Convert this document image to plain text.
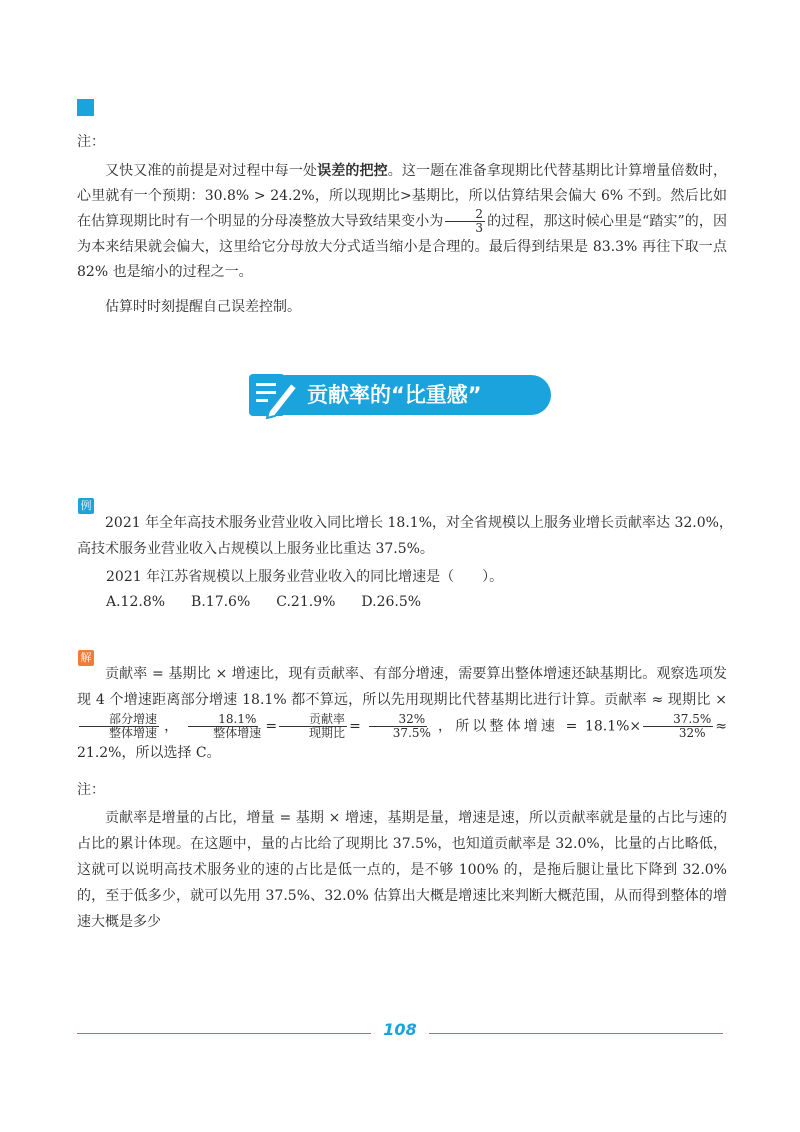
注：

又快又准的前提是对过程中每一处误差的把控。这一题在准备拿现期比代替基期比计算增量倍数时，心里就有一个预期：30.8% > 24.2%，所以现期比>基期比，所以估算结果会偏大 6% 不到。然后比如在估算现期比时有一个明显的分母凑整放大导致结果变小为 $\frac{2}{3}$ 的过程，那这时候心里是“踏实”的，因为本来结果就会偏大，这里给它分母放大分式适当缩小是合理的。最后得到结果是 83.3% 再往下取一点 82% 也是缩小的过程之一。

估算时时刻提醒自己误差控制。

贡献率的“比重感”
例
2021 年全年高技术服务业营业收入同比增长 18.1%，对全省规模以上服务业增长贡献率达 32.0%，
高技术服务业营业收入占规模以上服务业比重达 37.5%。
2021 年江苏省规模以上服务业营业收入的同比增速是（　　）。
A.12.8% B.17.6% C.21.9% D.26.5%
解

贡献率 = 基期比 × 增速比，现有贡献率、有部分增速，需要算出整体增速还缺基期比。观察选项发现 4 个增速距离部分增速 18.1% 都不算远，所以先用现期比代替基期比进行计算。贡献率 ≈ 现期比 ×
$\frac{\text{部分增速}}{\text{整体增速}}$ ， $\frac{18.1\%}{\text{整体增速}} = \frac{\text{贡献率}}{\text{现期比}} = \frac{32\%}{37.5\%}$ ，所以整体增速 = $18.1\%\times \frac{37.5\%}{32\%} \approx 21.2\%$，所以选择 C。

注：

贡献率是增量的占比，增量 = 基期 × 增速，基期是量，增速是速，所以贡献率就是量的占比与速的占比的累计体现。在这题中，量的占比给了现期比 37.5%，也知道贡献率是 32.0%，比量的占比略低，这就可以说明高技术服务业的速的占比是低一点的，是不够 100% 的，是拖后腿让量比下降到 32.0% 的，至于低多少，就可以先用 37.5%、32.0% 估算出大概是增速比来判断大概范围，从而得到整体的增速大概是多少

108
